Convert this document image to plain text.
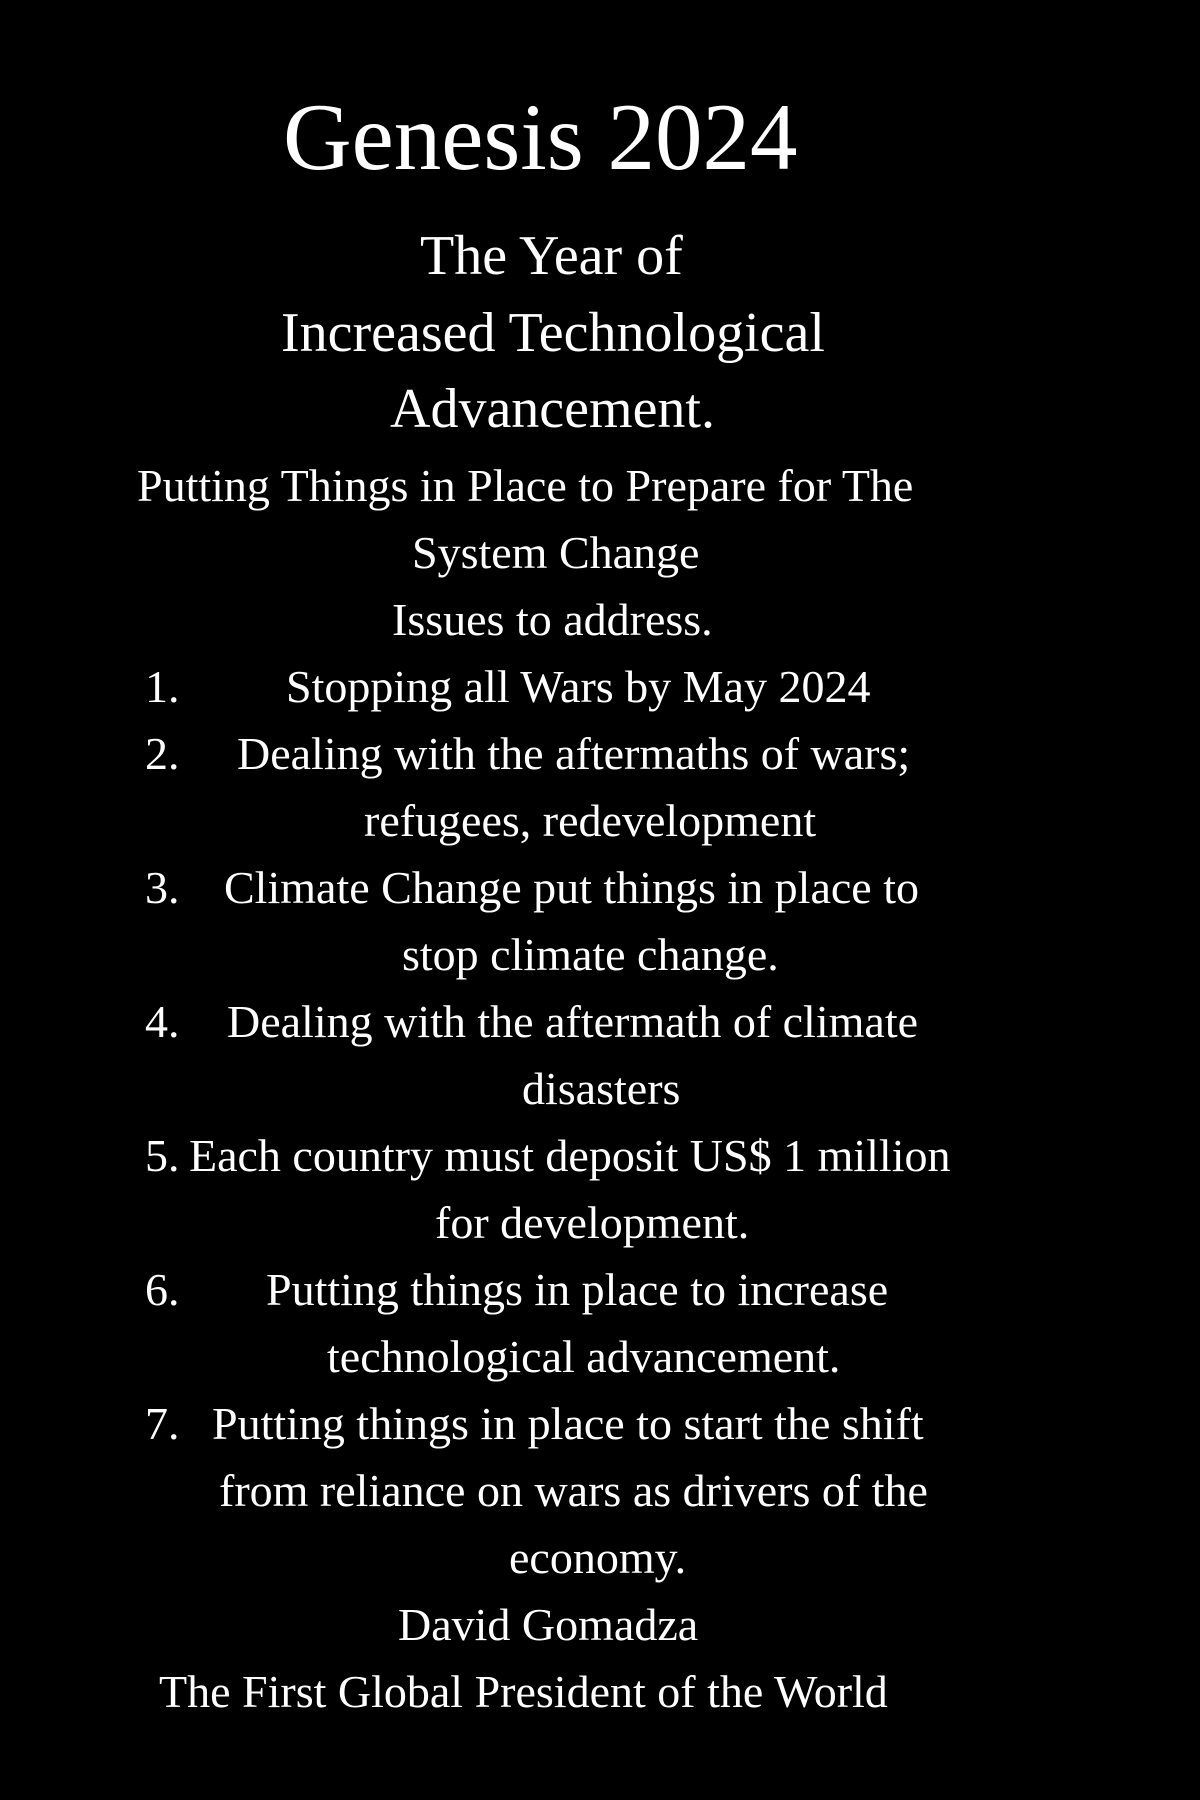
Genesis 2024
The Year of
Increased Technological
Advancement.
Putting Things in Place to Prepare for The
System Change
Issues to address.
1. Stopping all Wars by May 2024
2. Dealing with the aftermaths of wars;
refugees, redevelopment
3. Climate Change put things in place to
stop climate change.
4. Dealing with the aftermath of climate
disasters
5. Each country must deposit US$ 1 million
for development.
6. Putting things in place to increase
technological advancement.
7. Putting things in place to start the shift
from reliance on wars as drivers of the
economy.
David Gomadza
The First Global President of the World
